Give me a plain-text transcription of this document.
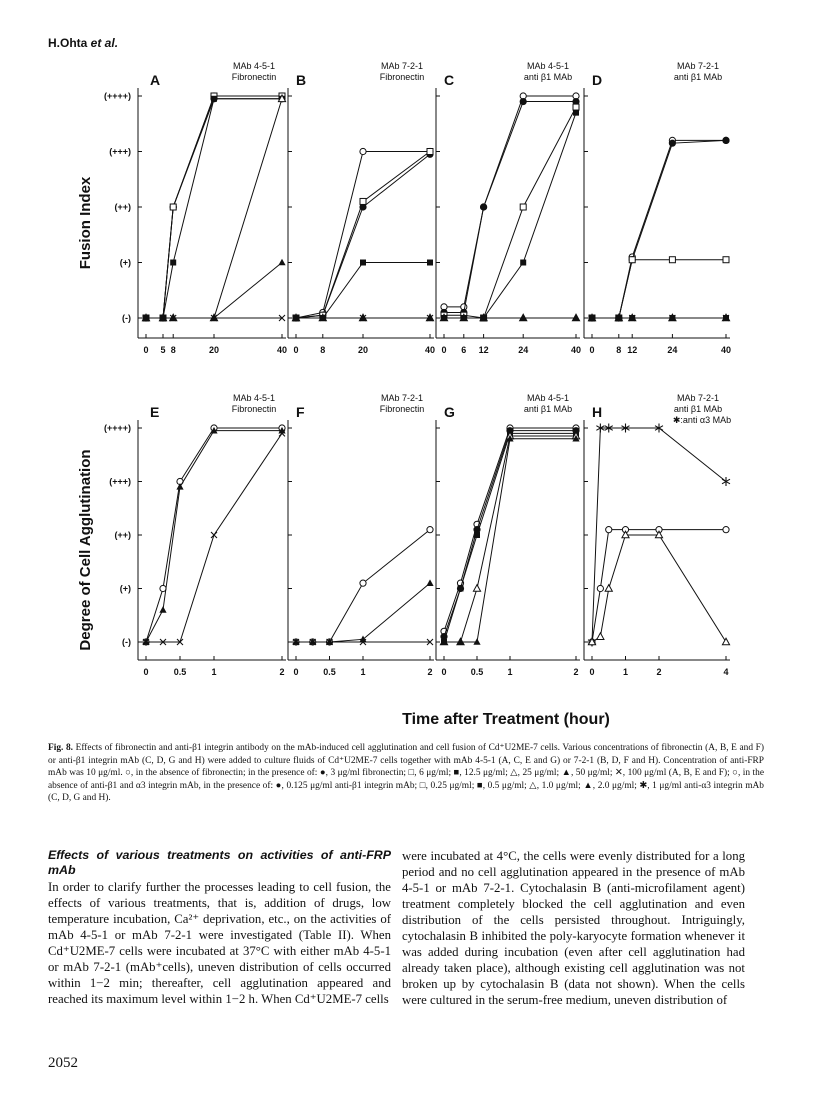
H.Ohta et al.
0 5 8	20	40
(-)
(+)
(++)
(+++)
(++++)
A
MAb 4-5-1
Fibronectin
Fusion Index
0 8	20	40
B
MAb 7-2-1
Fibronectin
0 6 12	24	40
C
MAb 4-5-1
anti β1 MAb
0 8 12	24	40
D
MAb 7-2-1
anti β1 MAb
0	0.5	1	2
(-)
(+)
(++)
(+++)
(++++)
E
MAb 4-5-1
Fibronectin
Degree of Cell Agglutination
0	0.5	1	2
F
MAb 7-2-1
Fibronectin
0	0.5	1	2
G
MAb 4-5-1
anti β1 MAb
0	1	2	4
H
MAb 7-2-1
anti β1 MAb
✱:anti α3 MAb
Time after Treatment (hour)
Fig. 8. Effects of fibronectin and anti-β1 integrin antibody on the mAb-induced cell agglutination and cell fusion of Cd⁺U2ME-7 cells. Various concentrations of fibronectin (A, B, E and F) or anti-β1 integrin mAb (C, D, G and H) were added to culture fluids of Cd⁺U2ME-7 cells together with mAb 4-5-1 (A, C, E and G) or 7-2-1 (B, D, F and H). Concentration of anti-FRP mAb was 10 μg/ml. ○, in the absence of fibronectin; in the presence of: ●, 3 μg/ml fibronectin; □, 6 μg/ml; ■, 12.5 μg/ml; △, 25 μg/ml; ▲, 50 μg/ml; ✕, 100 μg/ml (A, B, E and F); ○, in the absence of anti-β1 and α3 integrin mAb, in the presence of: ●, 0.125 μg/ml anti-β1 integrin mAb; □, 0.25 μg/ml; ■, 0.5 μg/ml; △, 1.0 μg/ml; ▲, 2.0 μg/ml; ✱, 1 μg/ml anti-α3 integrin mAb (C, D, G and H).
Effects of various treatments on activities of anti-FRP mAb

In order to clarify further the processes leading to cell fusion, the effects of various treatments, that is, addition of drugs, low temperature incubation, Ca²⁺ deprivation, etc., on the activities of mAb 4-5-1 or mAb 7-2-1 were investigated (Table II). When Cd⁺U2ME-7 cells were incubated at 37°C with either mAb 4-5-1 or mAb 7-2-1 (mAb⁺cells), uneven distribution of cells occurred within 1−2 min; thereafter, cell agglutination appeared and reached its maximum level within 1−2 h. When Cd⁺U2ME-7 cells

were incubated at 4°C, the cells were evenly distributed for a long period and no cell agglutination appeared in the presence of mAb 4-5-1 or mAb 7-2-1. Cytochalasin B (anti-microfilament agent) treatment completely blocked the cell agglutination and even distribution of the cells persisted throughout. Intriguingly, cytochalasin B inhibited the poly-karyocyte formation whenever it was added during incubation (even after cell agglutination had already taken place), although existing cell agglutination was not broken up by cytochalasin B (data not shown). When the cells were cultured in the serum-free medium, uneven distribution of

2052
